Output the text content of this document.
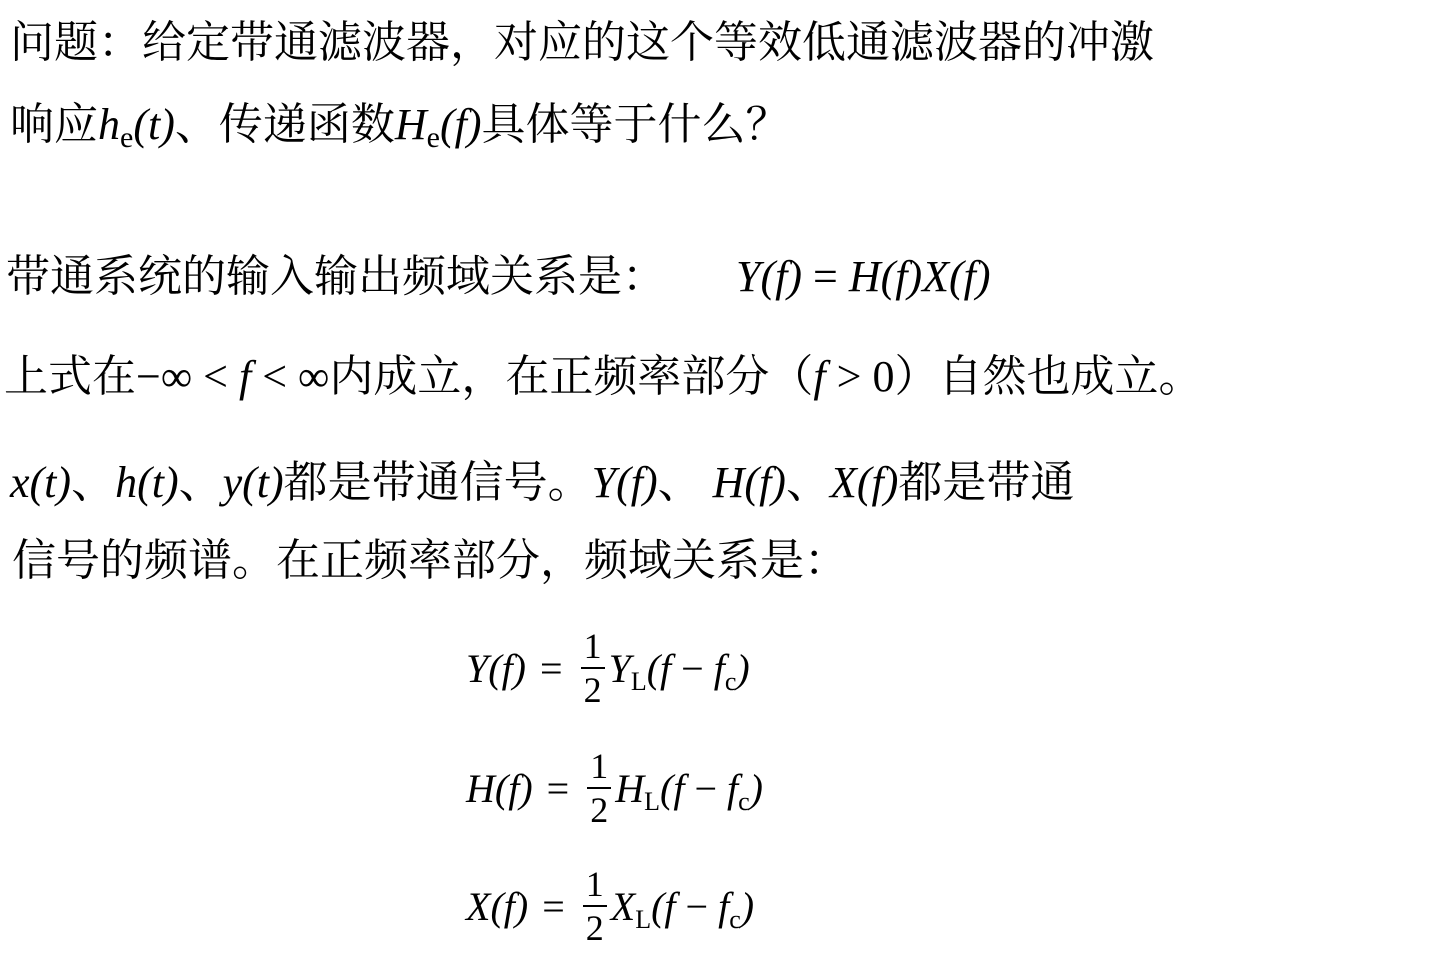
问题：给定带通滤波器，对应的这个等效低通滤波器的冲激
响应$h_e(t)$、传递函数$H_e(f)$具体等于什么？
带通系统的输入输出频域关系是： Y(f) = H(f)X(f)
上式在−∞ < f < ∞内成立，在正频率部分（f > 0）自然也成立。
x(t)、h(t)、y(t)都是带通信号。Y(f)、 H(f)、X(f)都是带通
信号的频谱。在正频率部分，频域关系是：
$Y(f) = \frac{1}{2} Y_L(f - f_c)$
$H(f) = \frac{1}{2} H_L(f - f_c)$
$X(f) = \frac{1}{2} X_L(f - f_c)$
